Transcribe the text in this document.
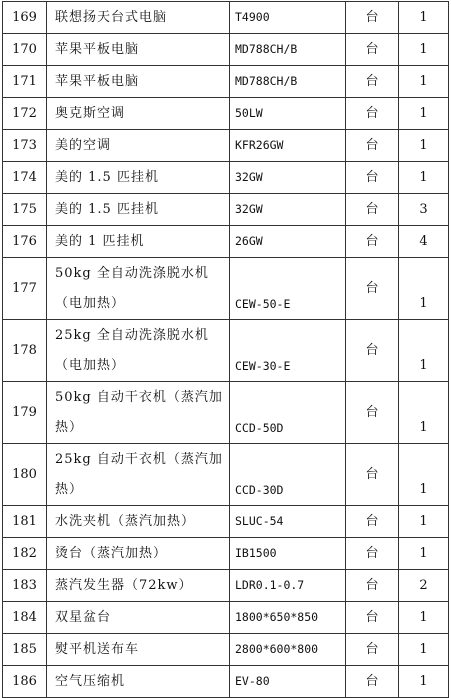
169	联想扬天台式电脑	T4900	台	1
170	苹果平板电脑	MD788CH/B	台	1
171	苹果平板电脑	MD788CH/B	台	1
172	奥克斯空调	50LW	台	1
173	美的空调	KFR26GW	台	1
174	美的 1.5 匹挂机	32GW	台	1
175	美的 1.5 匹挂机	32GW	台	3
176	美的 1 匹挂机	26GW	台	4
177	50kg 全自动洗涤脱水机
（电加热）	CEW-50-E	台	1
178	25kg 全自动洗涤脱水机
（电加热）	CEW-30-E	台	1
179	50kg 自动干衣机（蒸汽加
热）	CCD-50D	台	1
180	25kg 自动干衣机（蒸汽加
热）	CCD-30D	台	1
181	水洗夹机（蒸汽加热）	SLUC-54	台	1
182	烫台（蒸汽加热）	IB1500	台	1
183	蒸汽发生器（72kw）	LDR0.1-0.7	台	2
184	双星盆台	1800*650*850	台	1
185	熨平机送布车	2800*600*800	台	1
186	空气压缩机	EV-80	台	1
